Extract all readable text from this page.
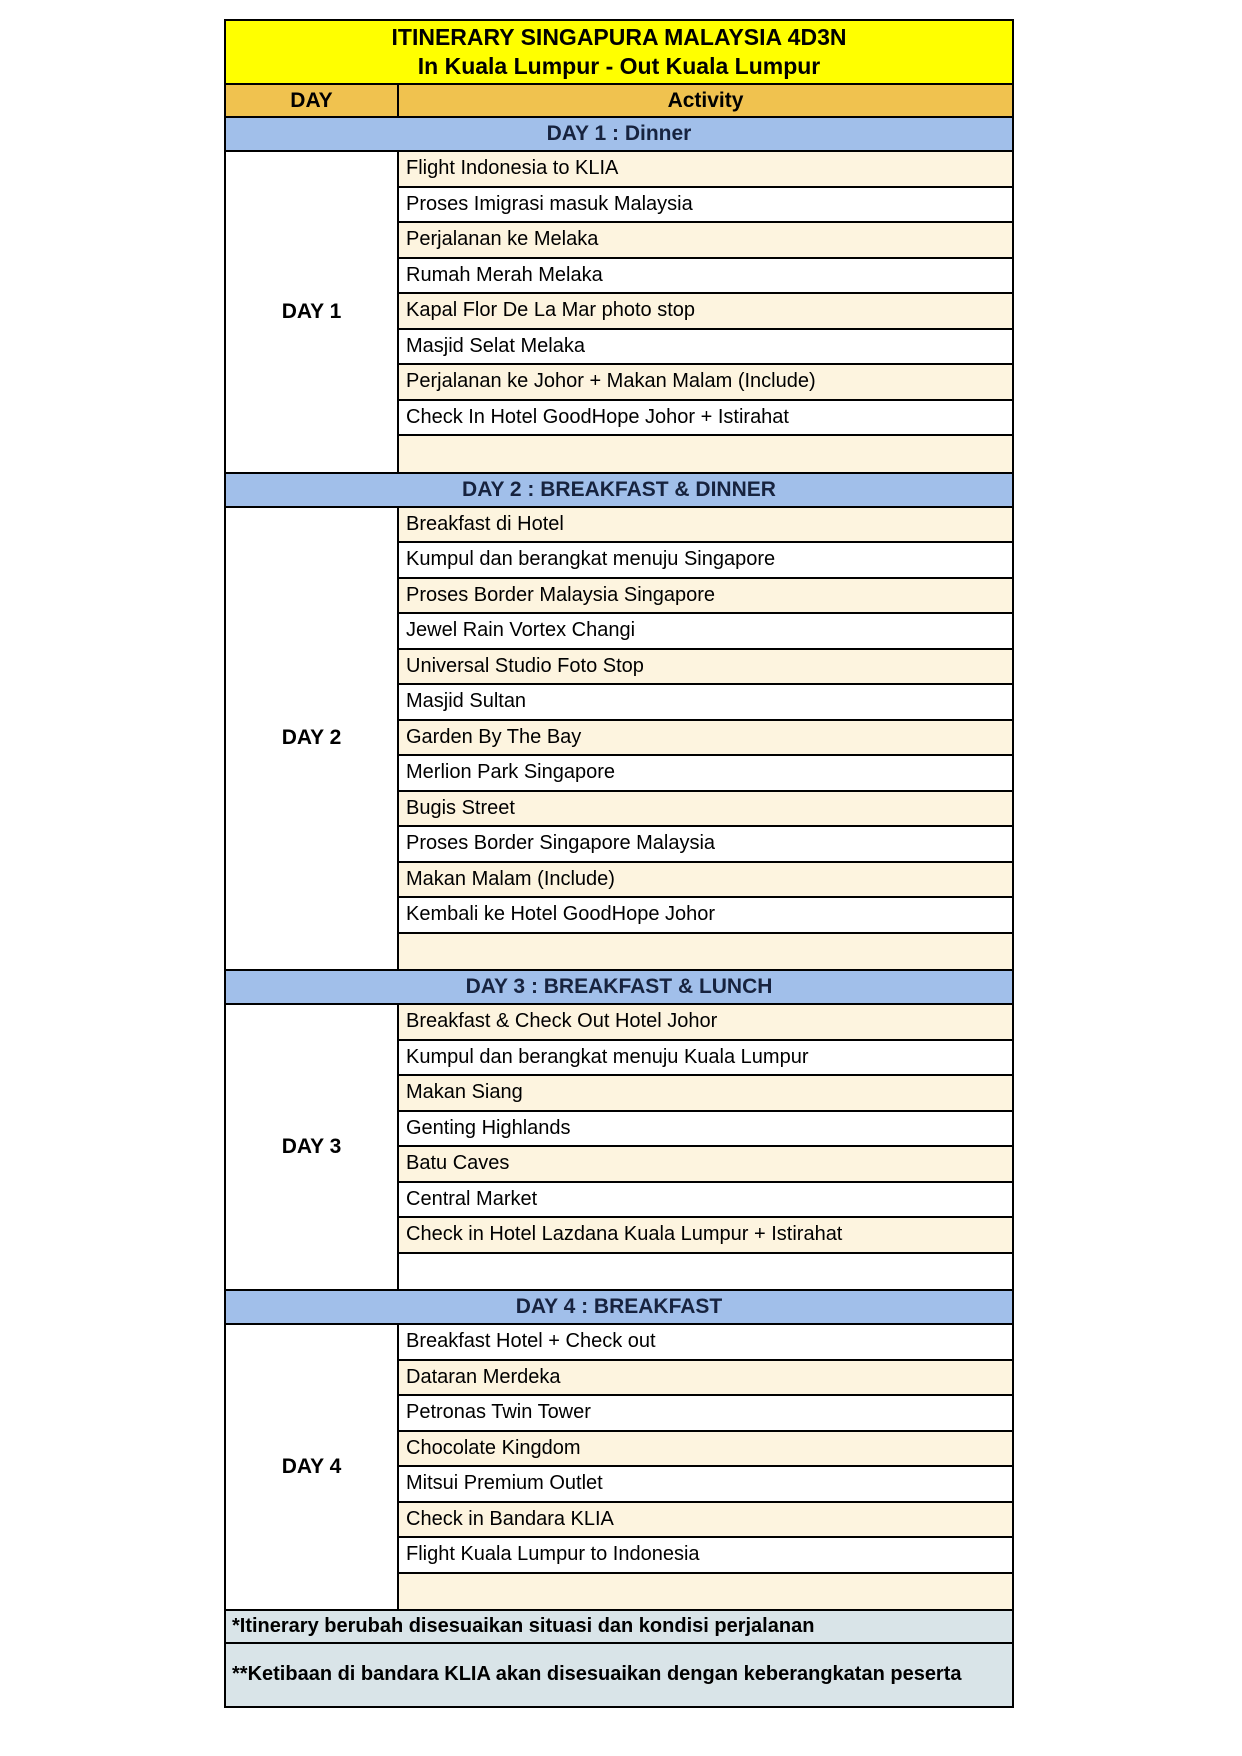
ITINERARY SINGAPURA MALAYSIA 4D3N
In Kuala Lumpur - Out Kuala Lumpur
DAY	Activity
DAY 1 : Dinner
DAY 1
Flight Indonesia to KLIA
Proses Imigrasi masuk Malaysia
Perjalanan ke Melaka
Rumah Merah Melaka
Kapal Flor De La Mar photo stop
Masjid Selat Melaka
Perjalanan ke Johor + Makan Malam (Include)
Check In Hotel GoodHope Johor + Istirahat
DAY 2 : BREAKFAST & DINNER
DAY 2
Breakfast di Hotel
Kumpul dan berangkat menuju Singapore
Proses Border Malaysia Singapore
Jewel Rain Vortex Changi
Universal Studio Foto Stop
Masjid Sultan
Garden By The Bay
Merlion Park Singapore
Bugis Street
Proses Border Singapore Malaysia
Makan Malam (Include)
Kembali ke Hotel GoodHope Johor
DAY 3 : BREAKFAST & LUNCH
DAY 3
Breakfast & Check Out Hotel Johor
Kumpul dan berangkat menuju Kuala Lumpur
Makan Siang
Genting Highlands
Batu Caves
Central Market
Check in Hotel Lazdana Kuala Lumpur + Istirahat
DAY 4 : BREAKFAST
DAY 4
Breakfast Hotel + Check out
Dataran Merdeka
Petronas Twin Tower
Chocolate Kingdom
Mitsui Premium Outlet
Check in Bandara KLIA
Flight Kuala Lumpur to Indonesia
*Itinerary berubah disesuaikan situasi dan kondisi perjalanan
**Ketibaan di bandara KLIA akan disesuaikan dengan keberangkatan peserta
